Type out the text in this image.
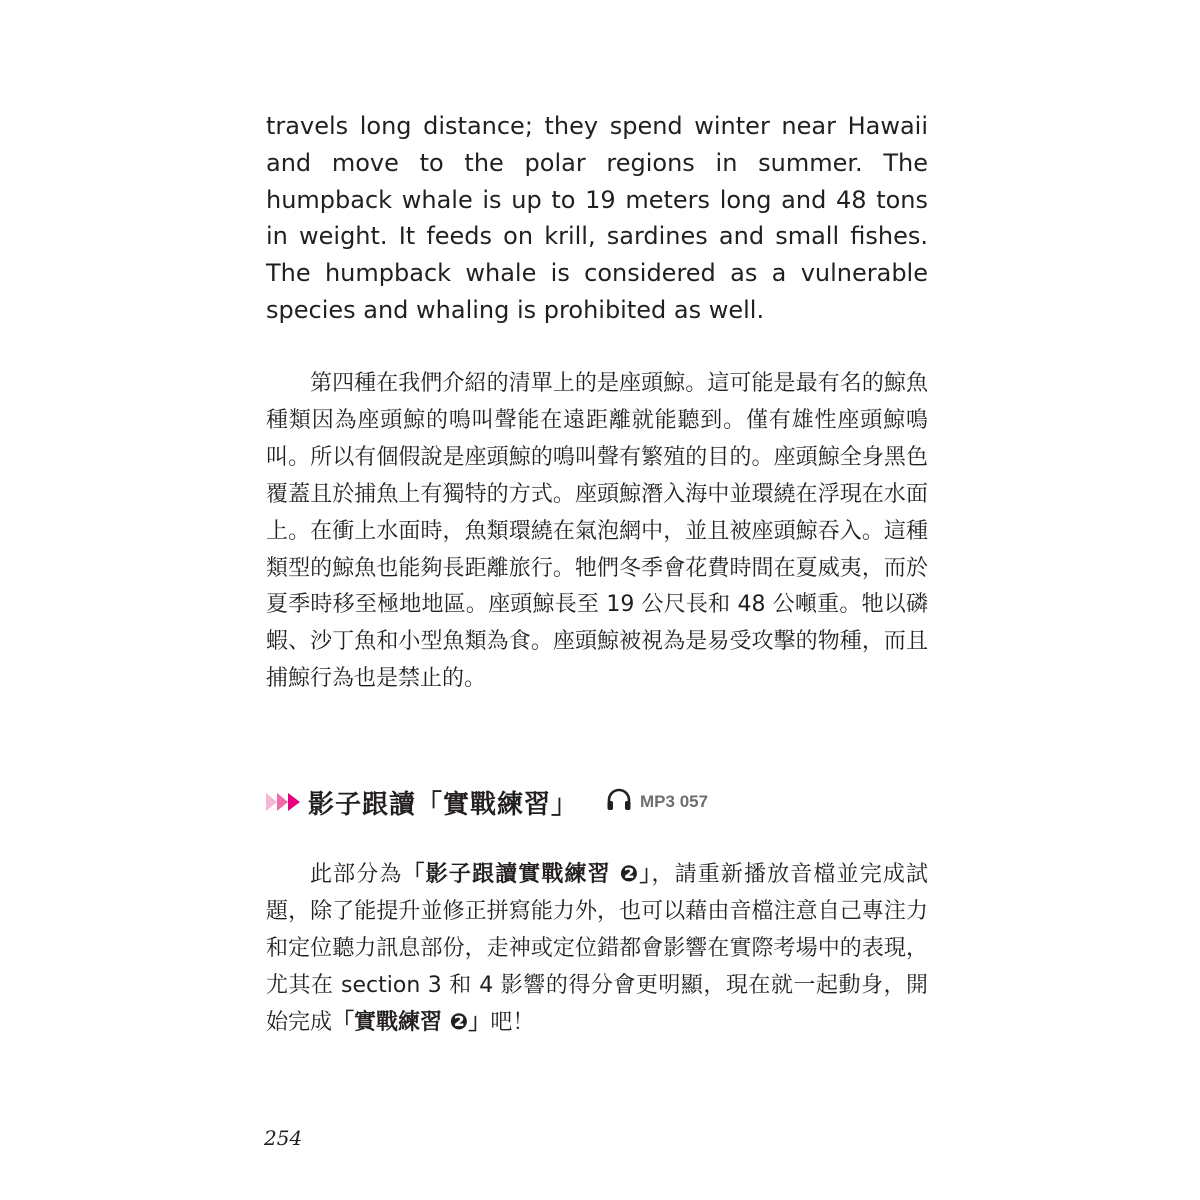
travels long distance; they spend winter near Hawaii and move to the polar regions in summer. The humpback whale is up to 19 meters long and 48 tons in weight. It feeds on krill, sardines and small fishes. The humpback whale is considered as a vulnerable species and whaling is prohibited as well.

第四種在我們介紹的清單上的是座頭鯨。這可能是最有名的鯨魚種類因為座頭鯨的鳴叫聲能在遠距離就能聽到。僅有雄性座頭鯨鳴叫。所以有個假說是座頭鯨的鳴叫聲有繁殖的目的。座頭鯨全身黑色覆蓋且於捕魚上有獨特的方式。座頭鯨潛入海中並環繞在浮現在水面上。在衝上水面時，魚類環繞在氣泡網中，並且被座頭鯨吞入。這種類型的鯨魚也能夠長距離旅行。牠們冬季會花費時間在夏威夷，而於夏季時移至極地地區。座頭鯨長至 19 公尺長和 48 公噸重。牠以磷蝦、沙丁魚和小型魚類為食。座頭鯨被視為是易受攻擊的物種，而且捕鯨行為也是禁止的。

影子跟讀「實戰練習」	MP3 057

此部分為「影子跟讀實戰練習 ❷」，請重新播放音檔並完成試題，除了能提升並修正拼寫能力外，也可以藉由音檔注意自己專注力和定位聽力訊息部份，走神或定位錯都會影響在實際考場中的表現，尤其在 section 3 和 4 影響的得分會更明顯，現在就一起動身，開始完成「實戰練習 ❷」吧！

254
